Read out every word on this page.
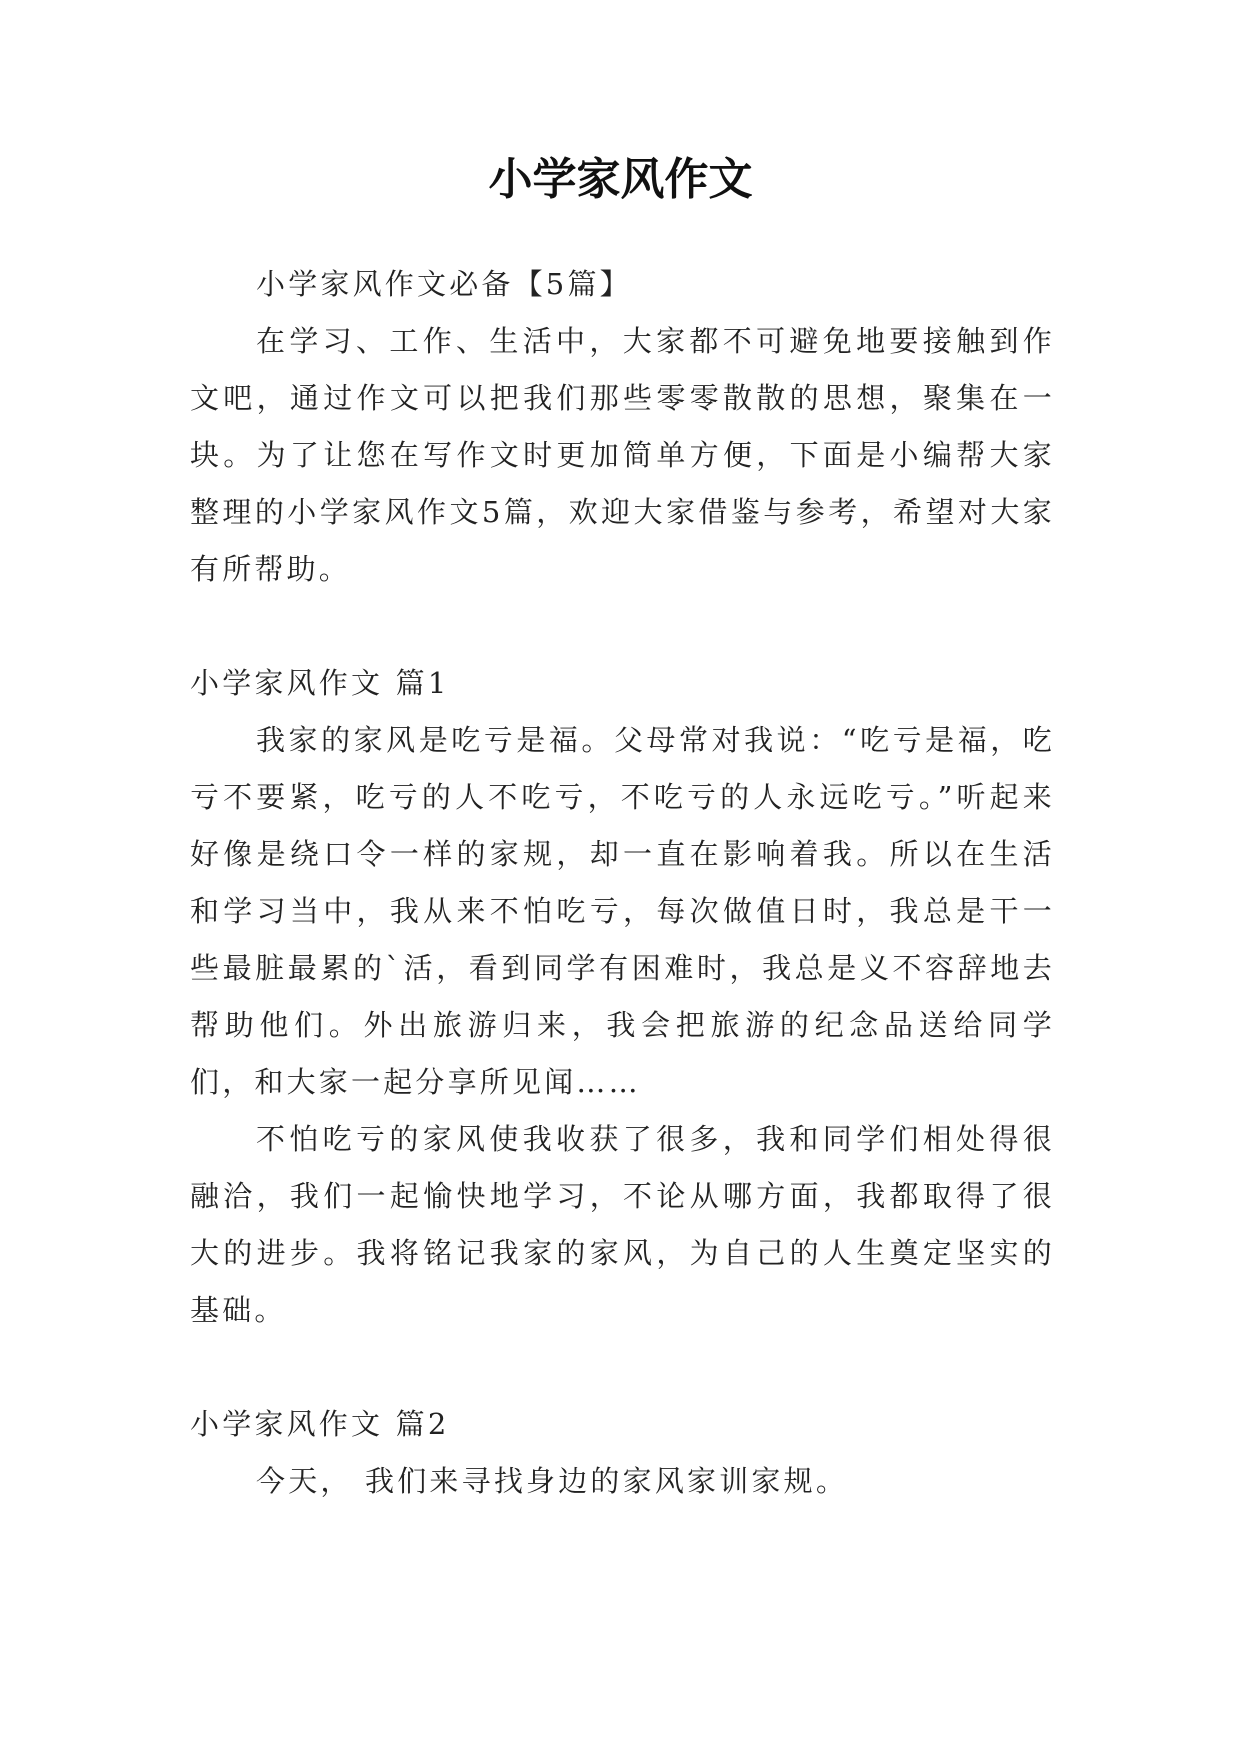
小学家风作文

小学家风作文必备【5篇】

在学习、工作、生活中，大家都不可避免地要接触到作文吧，通过作文可以把我们那些零零散散的思想，聚集在一块。为了让您在写作文时更加简单方便，下面是小编帮大家整理的小学家风作文5篇，欢迎大家借鉴与参考，希望对大家有所帮助。

小学家风作文 篇1

我家的家风是吃亏是福。父母常对我说：“吃亏是福，吃亏不要紧，吃亏的人不吃亏，不吃亏的人永远吃亏。”听起来好像是绕口令一样的家规，却一直在影响着我。所以在生活和学习当中，我从来不怕吃亏，每次做值日时，我总是干一些最脏最累的`活，看到同学有困难时，我总是义不容辞地去帮助他们。外出旅游归来，我会把旅游的纪念品送给同学们，和大家一起分享所见闻……

不怕吃亏的家风使我收获了很多，我和同学们相处得很融洽，我们一起愉快地学习，不论从哪方面，我都取得了很大的进步。我将铭记我家的家风，为自己的人生奠定坚实的基础。

小学家风作文 篇2

今天， 我们来寻找身边的家风家训家规。
